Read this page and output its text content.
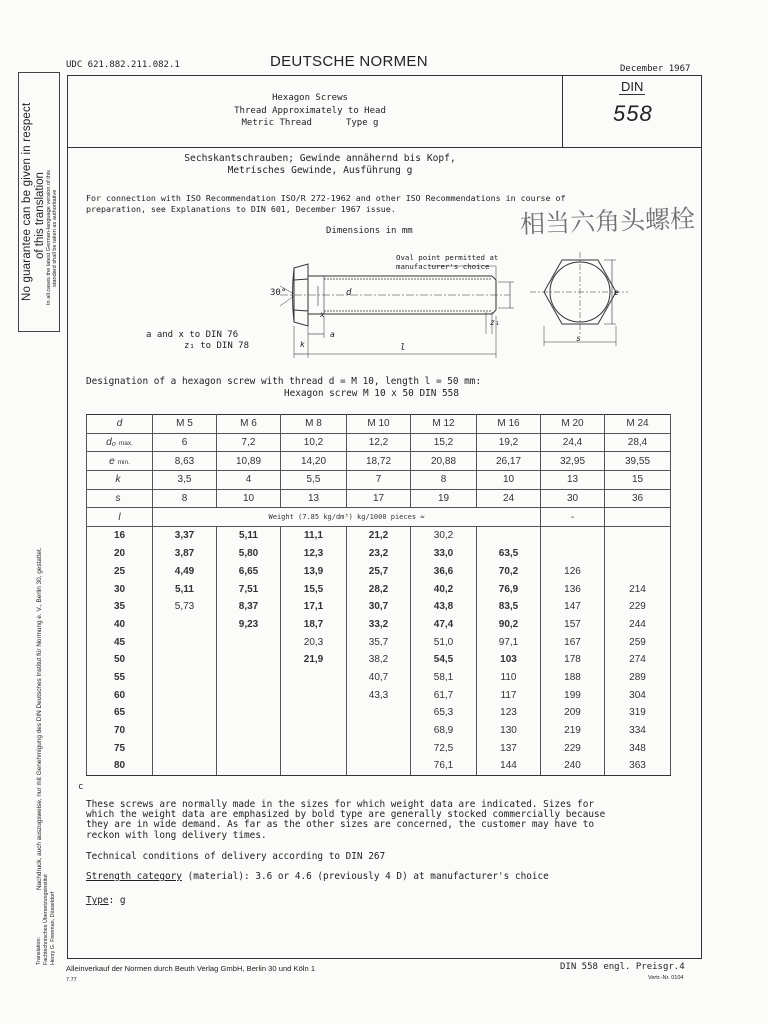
No guarantee can be given in respect of this translation In all cases the latest German-language version of this standard shall be taken as authoritative
Nachdruck, auch auszugsweise, nur mit Genehmigung des DIN Deutsches Institut für Normung e. V., Berlin 30, gestattet.
Translation: Fachtechnisches Übersetzungsinstitut Henry G. Freeman, Düsseldorf
UDC 621.882.211.082.1	DEUTSCHE NORMEN	December 1967
Hexagon Screws
Thread Approximately to Head
Metric Thread	Type g
DIN
558
Sechskantschrauben; Gewinde annähernd bis Kopf,
Metrisches Gewinde, Ausführung g
For connection with ISO Recommendation ISO/R 272-1962 and other ISO Recommendations in course of
preparation, see Explanations to DIN 601, December 1967 issue.	相当六角头螺栓
Dimensions in mm
Oval point permitted at
manufacturer's choice
30°	d
x
k	l
z₁
a
e
s
a and x to DIN 76
z₁ to DIN 78
Designation of a hexagon screw with thread d = M 10, length l = 50 mm:
Hexagon screw M 10 x 50 DIN 558
d	M 5	M 6	M 8	M 10	M 12	M 16	M 20	M 24
d₀ max.	6	7,2	10,2	12,2	15,2	19,2	24,4	28,4
e min.	8,63	10,89	14,20	18,72	20,88	26,17	32,95	39,55
k	3,5	4	5,5	7	8	10	13	15
s	8	10	13	17	19	24	30	36
l	Weight (7.85 kg/dm³) kg/1000 pieces ≈						-	
16	3,37	5,11	11,1	21,2	30,2			
20	3,87	5,80	12,3	23,2	33,0	63,5		
25	4,49	6,65	13,9	25,7	36,6	70,2	126	
30	5,11	7,51	15,5	28,2	40,2	76,9	136	214
35	5,73	8,37	17,1	30,7	43,8	83,5	147	229
40		9,23	18,7	33,2	47,4	90,2	157	244
45			20,3	35,7	51,0	97,1	167	259
50			21,9	38,2	54,5	103	178	274
55				40,7	58,1	110	188	289
60				43,3	61,7	117	199	304
65					65,3	123	209	319
70					68,9	130	219	334
75					72,5	137	229	348
80					76,1	144	240	363
c
These screws are normally made in the sizes for which weight data are indicated. Sizes for
which the weight data are emphasized by bold type are generally stocked commercially because
they are in wide demand. As far as the other sizes are concerned, the customer may have to
reckon with long delivery times.
Technical conditions of delivery according to DIN 267
Strength category (material): 3.6 or 4.6 (previously 4 D) at manufacturer's choice
Type: g
Alleinverkauf der Normen durch Beuth Verlag GmbH, Berlin 30 und Köln 1
7.77
DIN 558 engl. Preisgr.4
Vertr.-Nr. 0104
